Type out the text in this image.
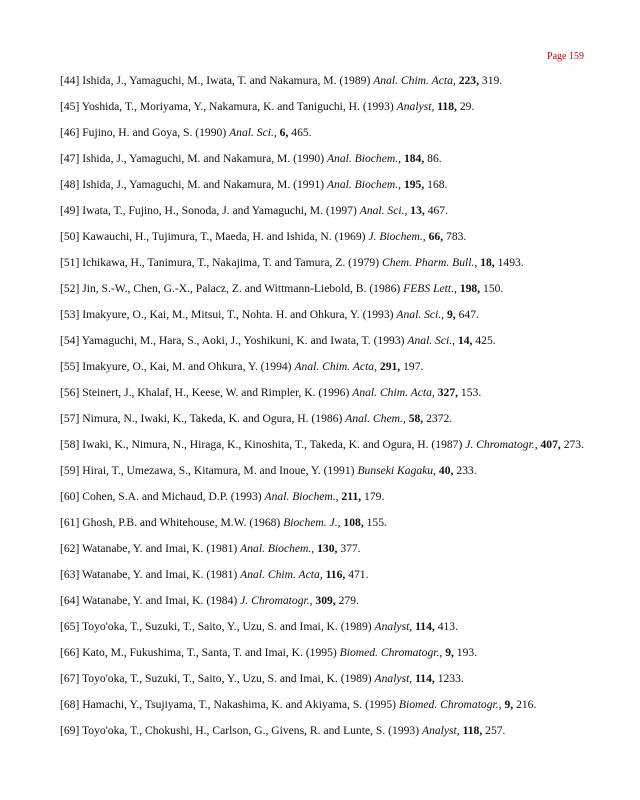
Page 159
[44] Ishida, J., Yamaguchi, M., Iwata, T. and Nakamura, M. (1989) Anal. Chim. Acta, 223, 319.
[45] Yoshida, T., Moriyama, Y., Nakamura, K. and Taniguchi, H. (1993) Analyst, 118, 29.
[46] Fujino, H. and Goya, S. (1990) Anal. Sci., 6, 465.
[47] Ishida, J., Yamaguchi, M. and Nakamura, M. (1990) Anal. Biochem., 184, 86.
[48] Ishida, J., Yamaguchi, M. and Nakamura, M. (1991) Anal. Biochem., 195, 168.
[49] Iwata, T., Fujino, H., Sonoda, J. and Yamaguchi, M. (1997) Anal. Sci., 13, 467.
[50] Kawauchi, H., Tujimura, T., Maeda, H. and Ishida, N. (1969) J. Biochem., 66, 783.
[51] Ichikawa, H., Tanimura, T., Nakajima, T. and Tamura, Z. (1979) Chem. Pharm. Bull., 18, 1493.
[52] Jin, S.-W., Chen, G.-X., Palacz, Z. and Wittmann-Liebold, B. (1986) FEBS Lett., 198, 150.
[53] Imakyure, O., Kai, M., Mitsui, T., Nohta. H. and Ohkura, Y. (1993) Anal. Sci., 9, 647.
[54] Yamaguchi, M., Hara, S., Aoki, J., Yoshikuni, K. and Iwata, T. (1993) Anal. Sci., 14, 425.
[55] Imakyure, O., Kai, M. and Ohkura, Y. (1994) Anal. Chim. Acta, 291, 197.
[56] Steinert, J., Khalaf, H., Keese, W. and Rimpler, K. (1996) Anal. Chim. Acta, 327, 153.
[57] Nimura, N., Iwaki, K., Takeda, K. and Ogura, H. (1986) Anal. Chem., 58, 2372.
[58] Iwaki, K., Nimura, N., Hiraga, K., Kinoshita, T., Takeda, K. and Ogura, H. (1987) J. Chromatogr., 407, 273.
[59] Hirai, T., Umezawa, S., Kitamura, M. and Inoue, Y. (1991) Bunseki Kagaku, 40, 233.
[60] Cohen, S.A. and Michaud, D.P. (1993) Anal. Biochem., 211, 179.
[61] Ghosh, P.B. and Whitehouse, M.W. (1968) Biochem. J., 108, 155.
[62] Watanabe, Y. and Imai, K. (1981) Anal. Biochem., 130, 377.
[63] Watanabe, Y. and Imai, K. (1981) Anal. Chim. Acta, 116, 471.
[64] Watanabe, Y. and Imai, K. (1984) J. Chromatogr., 309, 279.
[65] Toyo'oka, T., Suzuki, T., Saito, Y., Uzu, S. and Imai, K. (1989) Analyst, 114, 413.
[66] Kato, M., Fukushima, T., Santa, T. and Imai, K. (1995) Biomed. Chromatogr., 9, 193.
[67] Toyo'oka, T., Suzuki, T., Saito, Y., Uzu, S. and Imai, K. (1989) Analyst, 114, 1233.
[68] Hamachi, Y., Tsujiyama, T., Nakashima, K. and Akiyama, S. (1995) Biomed. Chromatogr., 9, 216.
[69] Toyo'oka, T., Chokushi, H., Carlson, G., Givens, R. and Lunte, S. (1993) Analyst, 118, 257.
